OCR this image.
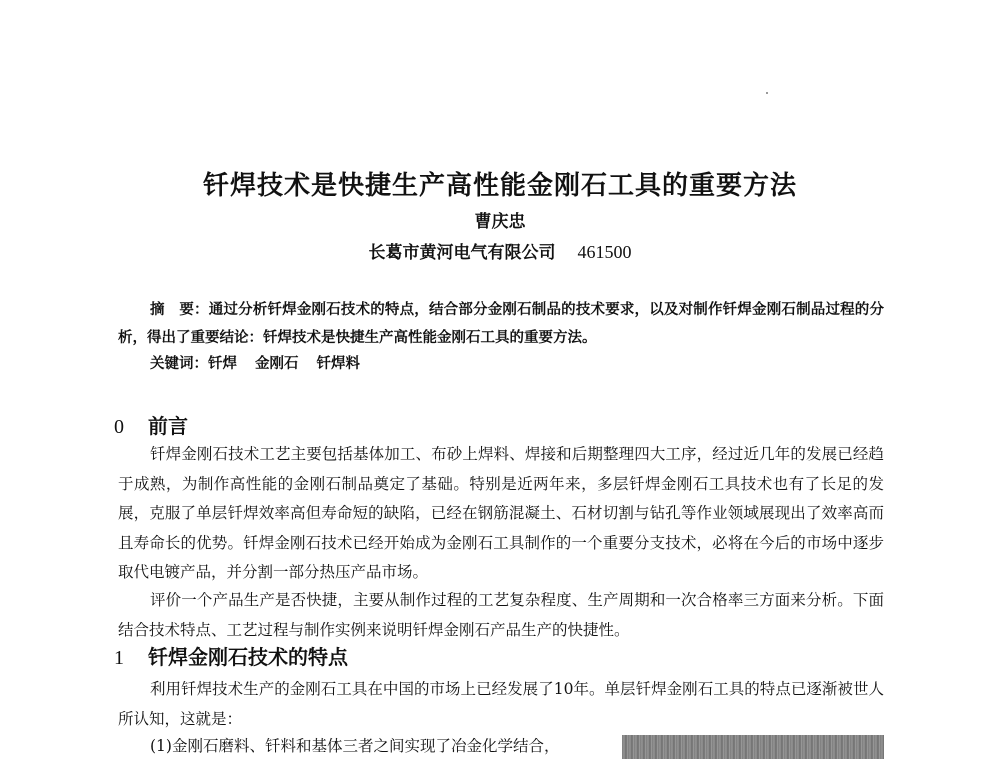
钎焊技术是快捷生产高性能金刚石工具的重要方法
曹庆忠
长葛市黄河电气有限公司 461500
摘　要：通过分析钎焊金刚石技术的特点，结合部分金刚石制品的技术要求，以及对制作钎焊金刚石制品过程的分析，得出了重要结论：钎焊技术是快捷生产高性能金刚石工具的重要方法。
关键词：钎焊 金刚石 钎焊料
0 前言

钎焊金刚石技术工艺主要包括基体加工、布砂上焊料、焊接和后期整理四大工序，经过近几年的发展已经趋于成熟，为制作高性能的金刚石制品奠定了基础。特别是近两年来，多层钎焊金刚石工具技术也有了长足的发展，克服了单层钎焊效率高但寿命短的缺陷，已经在钢筋混凝土、石材切割与钻孔等作业领域展现出了效率高而且寿命长的优势。钎焊金刚石技术已经开始成为金刚石工具制作的一个重要分支技术，必将在今后的市场中逐步取代电镀产品，并分割一部分热压产品市场。

评价一个产品生产是否快捷，主要从制作过程的工艺复杂程度、生产周期和一次合格率三方面来分析。下面结合技术特点、工艺过程与制作实例来说明钎焊金刚石产品生产的快捷性。

1 钎焊金刚石技术的特点

利用钎焊技术生产的金刚石工具在中国的市场上已经发展了10年。单层钎焊金刚石工具的特点已逐渐被世人所认知，这就是：

(1)金刚石磨料、钎料和基体三者之间实现了冶金化学结合，
